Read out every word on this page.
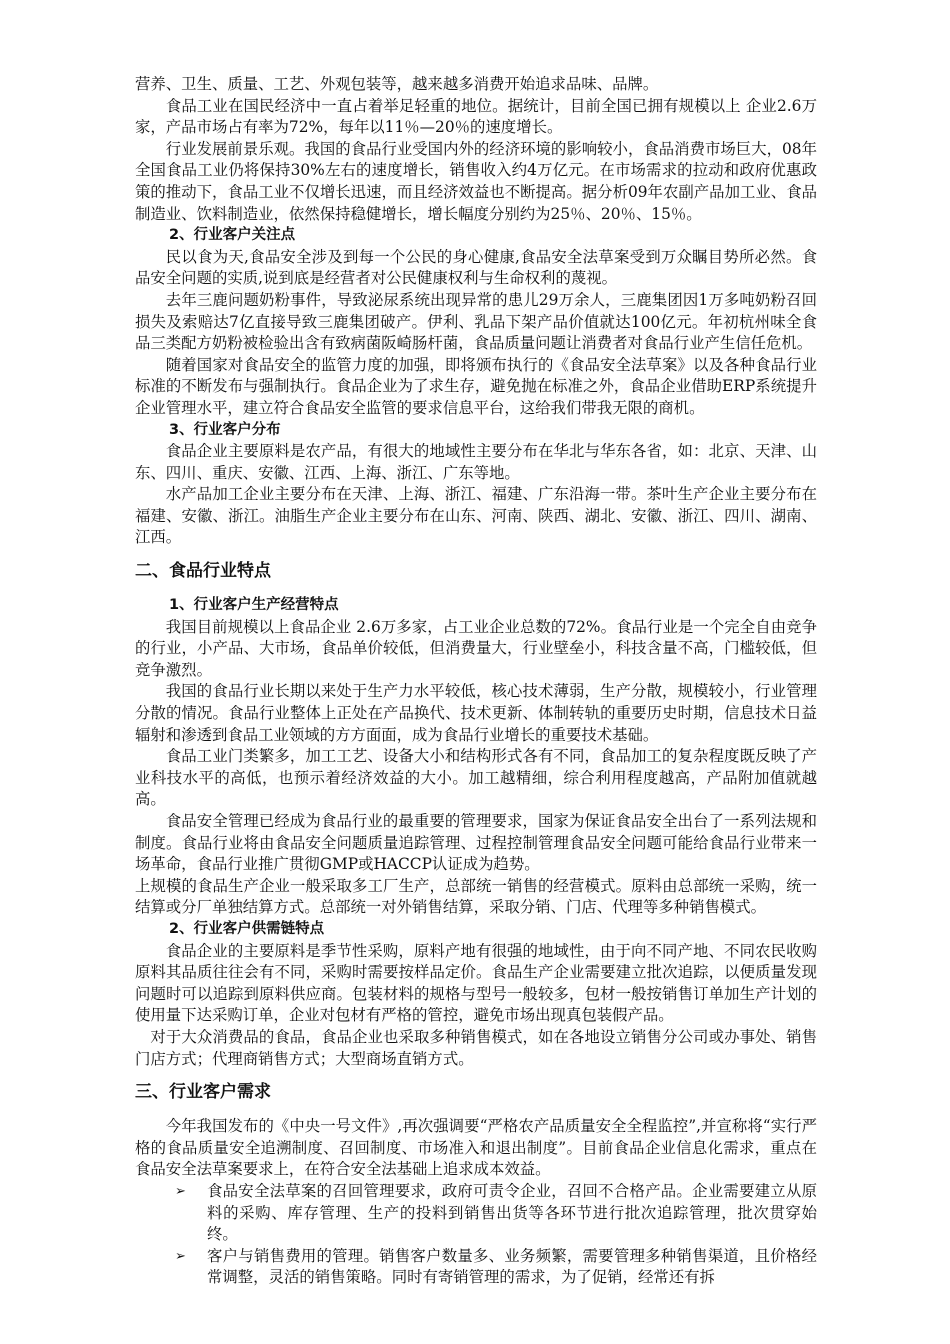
营养、卫生、质量、工艺、外观包装等，越来越多消费开始追求品味、品牌。

食品工业在国民经济中一直占着举足轻重的地位。据统计，目前全国已拥有规模以上 企业2.6万家，产品市场占有率为72%，每年以11％—20％的速度增长。

行业发展前景乐观。我国的食品行业受国内外的经济环境的影响较小，食品消费市场巨大，08年全国食品工业仍将保持30%左右的速度增长，销售收入约4万亿元。在市场需求的拉动和政府优惠政策的推动下，食品工业不仅增长迅速，而且经济效益也不断提高。据分析09年农副产品加工业、食品制造业、饮料制造业，依然保持稳健增长，增长幅度分别约为25％、20％、15％。

2、行业客户关注点

民以食为天,食品安全涉及到每一个公民的身心健康,食品安全法草案受到万众瞩目势所必然。食品安全问题的实质,说到底是经营者对公民健康权利与生命权利的蔑视。

去年三鹿问题奶粉事件，导致泌尿系统出现异常的患儿29万余人，三鹿集团因1万多吨奶粉召回损失及索赔达7亿直接导致三鹿集团破产。伊利、乳品下架产品价值就达100亿元。年初杭州味全食品三类配方奶粉被检验出含有致病菌阪崎肠杆菌，食品质量问题让消费者对食品行业产生信任危机。

随着国家对食品安全的监管力度的加强，即将颁布执行的《食品安全法草案》以及各种食品行业标准的不断发布与强制执行。食品企业为了求生存，避免抛在标准之外，食品企业借助ERP系统提升企业管理水平，建立符合食品安全监管的要求信息平台，这给我们带我无限的商机。

3、行业客户分布

食品企业主要原料是农产品，有很大的地域性主要分布在华北与华东各省，如：北京、天津、山东、四川、重庆、安徽、江西、上海、浙江、广东等地。

水产品加工企业主要分布在天津、上海、浙江、福建、广东沿海一带。茶叶生产企业主要分布在福建、安徽、浙江。油脂生产企业主要分布在山东、河南、陕西、湖北、安徽、浙江、四川、湖南、江西。

二、食品行业特点

1、行业客户生产经营特点

我国目前规模以上食品企业 2.6万多家，占工业企业总数的72%。食品行业是一个完全自由竞争的行业，小产品、大市场，食品单价较低，但消费量大，行业壁垒小，科技含量不高，门槛较低，但竞争激烈。

我国的食品行业长期以来处于生产力水平较低，核心技术薄弱，生产分散，规模较小，行业管理分散的情况。食品行业整体上正处在产品换代、技术更新、体制转轨的重要历史时期，信息技术日益辐射和渗透到食品工业领域的方方面面，成为食品行业增长的重要技术基础。

食品工业门类繁多，加工工艺、设备大小和结构形式各有不同，食品加工的复杂程度既反映了产业科技水平的高低，也预示着经济效益的大小。加工越精细，综合利用程度越高，产品附加值就越高。

食品安全管理已经成为食品行业的最重要的管理要求，国家为保证食品安全出台了一系列法规和制度。食品行业将由食品安全问题质量追踪管理、过程控制管理食品安全问题可能给食品行业带来一场革命，食品行业推广贯彻GMP或HACCP认证成为趋势。

上规模的食品生产企业一般采取多工厂生产，总部统一销售的经营模式。原料由总部统一采购，统一结算或分厂单独结算方式。总部统一对外销售结算，采取分销、门店、代理等多种销售模式。

2、行业客户供需链特点

食品企业的主要原料是季节性采购，原料产地有很强的地域性，由于向不同产地、不同农民收购原料其品质往往会有不同，采购时需要按样品定价。食品生产企业需要建立批次追踪，以便质量发现问题时可以追踪到原料供应商。包装材料的规格与型号一般较多，包材一般按销售订单加生产计划的使用量下达采购订单，企业对包材有严格的管控，避免市场出现真包装假产品。

对于大众消费品的食品，食品企业也采取多种销售模式，如在各地设立销售分公司或办事处、销售门店方式；代理商销售方式；大型商场直销方式。

三、行业客户需求

今年我国发布的《中央一号文件》,再次强调要“严格农产品质量安全全程监控”,并宣称将“实行严格的食品质量安全追溯制度、召回制度、市场准入和退出制度”。目前食品企业信息化需求，重点在食品安全法草案要求上，在符合安全法基础上追求成本效益。

➢	食品安全法草案的召回管理要求，政府可责令企业，召回不合格产品。企业需要建立从原料的采购、库存管理、生产的投料到销售出货等各环节进行批次追踪管理，批次贯穿始终。
➢	客户与销售费用的管理。销售客户数量多、业务频繁，需要管理多种销售渠道，且价格经常调整，灵活的销售策略。同时有寄销管理的需求，为了促销，经常还有拆
